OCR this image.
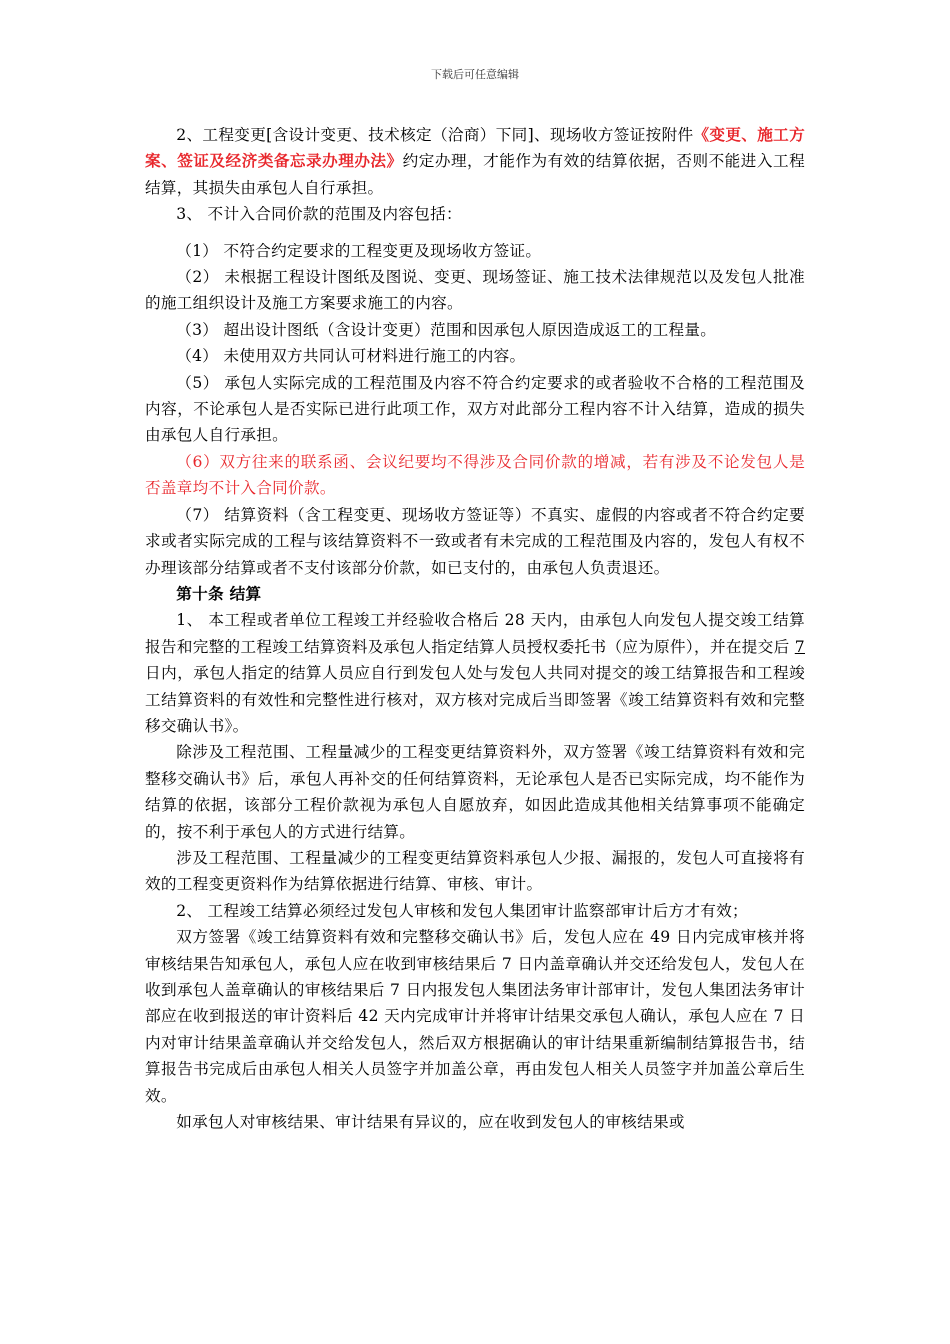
下载后可任意编辑

2、工程变更[含设计变更、技术核定（洽商）下同]、现场收方签证按附件《变更、施工方案、签证及经济类备忘录办理办法》约定办理，才能作为有效的结算依据，否则不能进入工程结算，其损失由承包人自行承担。

3、 不计入合同价款的范围及内容包括：

（1） 不符合约定要求的工程变更及现场收方签证。

（2） 未根据工程设计图纸及图说、变更、现场签证、施工技术法律规范以及发包人批准的施工组织设计及施工方案要求施工的内容。

（3） 超出设计图纸（含设计变更）范围和因承包人原因造成返工的工程量。

（4） 未使用双方共同认可材料进行施工的内容。

（5） 承包人实际完成的工程范围及内容不符合约定要求的或者验收不合格的工程范围及内容，不论承包人是否实际已进行此项工作，双方对此部分工程内容不计入结算，造成的损失由承包人自行承担。

（6）双方往来的联系函、会议纪要均不得涉及合同价款的增减，若有涉及不论发包人是否盖章均不计入合同价款。

（7） 结算资料（含工程变更、现场收方签证等）不真实、虚假的内容或者不符合约定要求或者实际完成的工程与该结算资料不一致或者有未完成的工程范围及内容的，发包人有权不办理该部分结算或者不支付该部分价款，如已支付的，由承包人负责退还。

第十条 结算

1、 本工程或者单位工程竣工并经验收合格后 28 天内，由承包人向发包人提交竣工结算报告和完整的工程竣工结算资料及承包人指定结算人员授权委托书（应为原件），并在提交后 7日内，承包人指定的结算人员应自行到发包人处与发包人共同对提交的竣工结算报告和工程竣工结算资料的有效性和完整性进行核对，双方核对完成后当即签署《竣工结算资料有效和完整移交确认书》。

除涉及工程范围、工程量减少的工程变更结算资料外，双方签署《竣工结算资料有效和完整移交确认书》后，承包人再补交的任何结算资料，无论承包人是否已实际完成，均不能作为结算的依据，该部分工程价款视为承包人自愿放弃，如因此造成其他相关结算事项不能确定的，按不利于承包人的方式进行结算。

涉及工程范围、工程量减少的工程变更结算资料承包人少报、漏报的，发包人可直接将有效的工程变更资料作为结算依据进行结算、审核、审计。

2、 工程竣工结算必须经过发包人审核和发包人集团审计监察部审计后方才有效；

双方签署《竣工结算资料有效和完整移交确认书》后，发包人应在 49 日内完成审核并将审核结果告知承包人，承包人应在收到审核结果后 7 日内盖章确认并交还给发包人，发包人在收到承包人盖章确认的审核结果后 7 日内报发包人集团法务审计部审计，发包人集团法务审计部应在收到报送的审计资料后 42 天内完成审计并将审计结果交承包人确认，承包人应在 7 日内对审计结果盖章确认并交给发包人，然后双方根据确认的审计结果重新编制结算报告书，结算报告书完成后由承包人相关人员签字并加盖公章，再由发包人相关人员签字并加盖公章后生效。

如承包人对审核结果、审计结果有异议的，应在收到发包人的审核结果或
